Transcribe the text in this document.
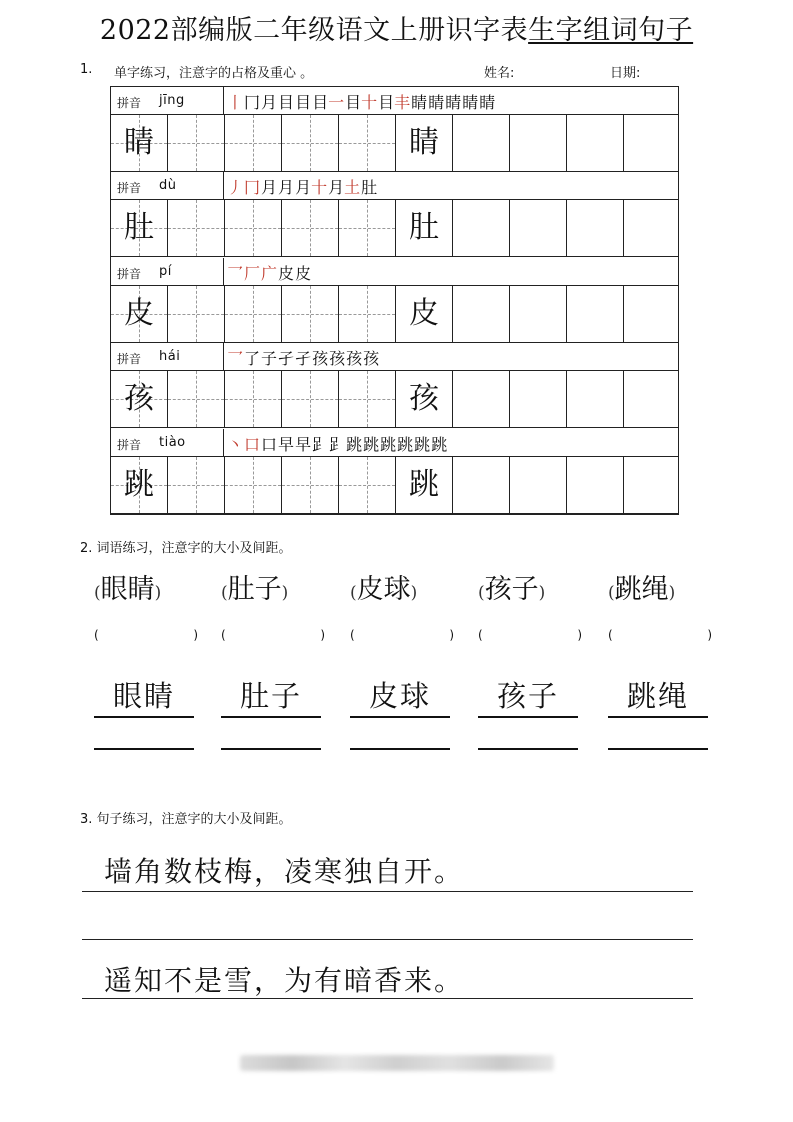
2022部编版二年级语文上册识字表生字组词句子
1. 单字练习，注意字的占格及重心 。	姓名:	日期:
拼音 jīng	丨冂月目目目一目十目丰睛睛睛睛睛
睛	睛
拼音 dù	丿冂月月月十月土肚
肚	肚
拼音 pí	乛厂广皮皮
皮	皮
拼音 hái	乛了子孑孑孩孩孩孩
孩	孩
拼音 tiào	丶口口早早𧾷𧾷跳跳跳跳跳跳
跳	跳
2. 词语练习，注意字的大小及间距。
(眼睛)
(	)
眼睛
(肚子)
(	)
肚子
(皮球)
(	)
皮球
(孩子)
(	)
孩子
(跳绳)
(	)
跳绳
3. 句子练习，注意字的大小及间距。
墙角数枝梅，凌寒独自开。
遥知不是雪，为有暗香来。
